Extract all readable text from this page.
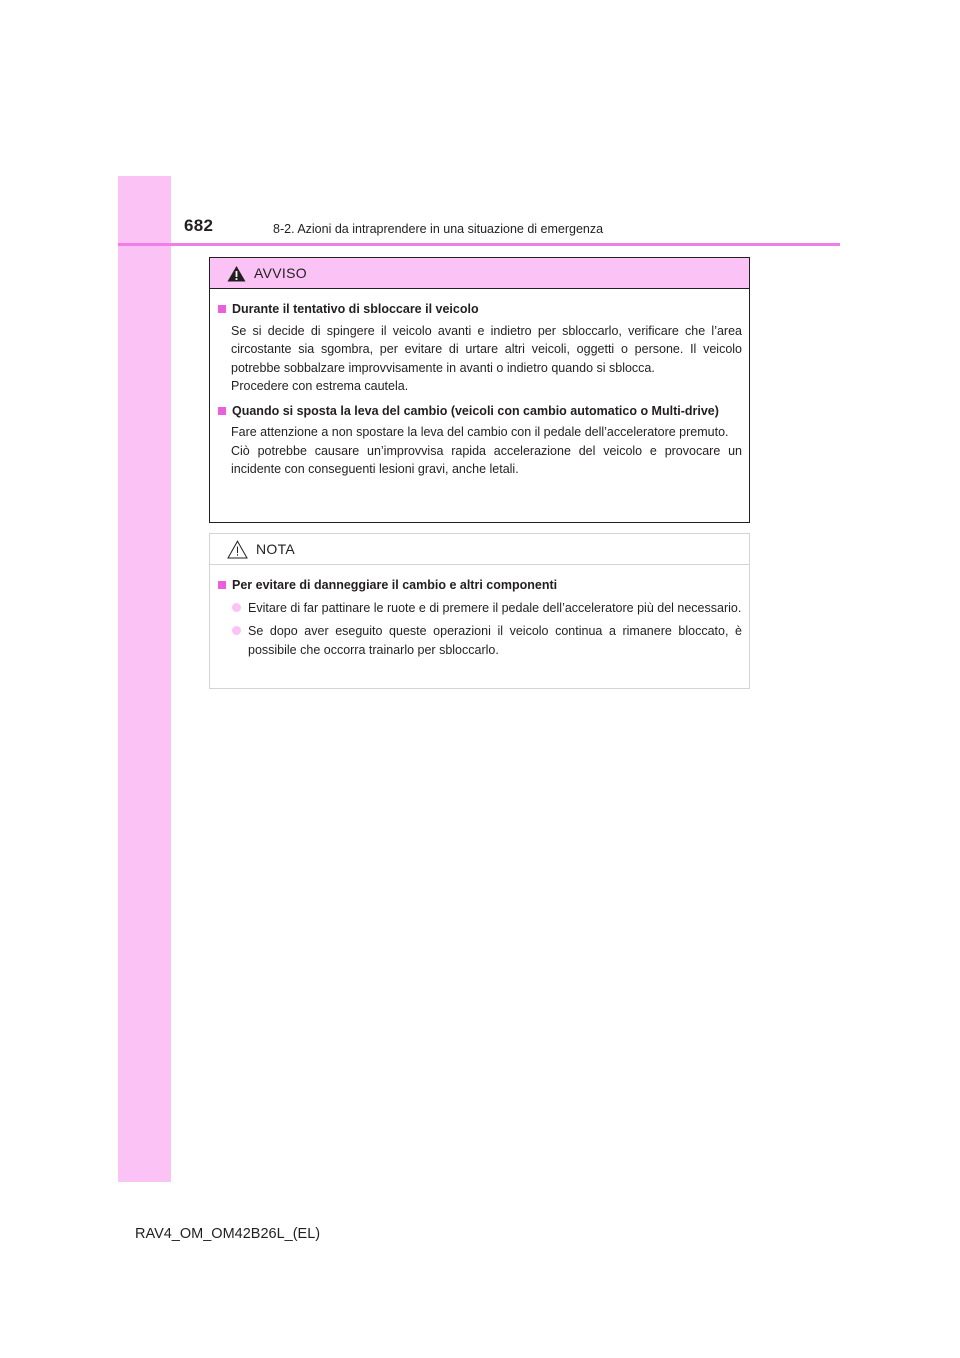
682	8-2. Azioni da intraprendere in una situazione di emergenza
AVVISO
Durante il tentativo di sbloccare il veicolo
Se si decide di spingere il veicolo avanti e indietro per sbloccarlo, verificare che l’area circostante sia sgombra, per evitare di urtare altri veicoli, oggetti o persone. Il veicolo potrebbe sobbalzare improvvisamente in avanti o indietro quando si sblocca.
Procedere con estrema cautela.
Quando si sposta la leva del cambio (veicoli con cambio automatico o Multi-drive)
Fare attenzione a non spostare la leva del cambio con il pedale dell’acceleratore premuto.
Ciò potrebbe causare un’improvvisa rapida accelerazione del veicolo e provocare un incidente con conseguenti lesioni gravi, anche letali.
NOTA
Per evitare di danneggiare il cambio e altri componenti
Evitare di far pattinare le ruote e di premere il pedale dell’acceleratore più del necessario.
Se dopo aver eseguito queste operazioni il veicolo continua a rimanere bloccato, è possibile che occorra trainarlo per sbloccarlo.
RAV4_OM_OM42B26L_(EL)
